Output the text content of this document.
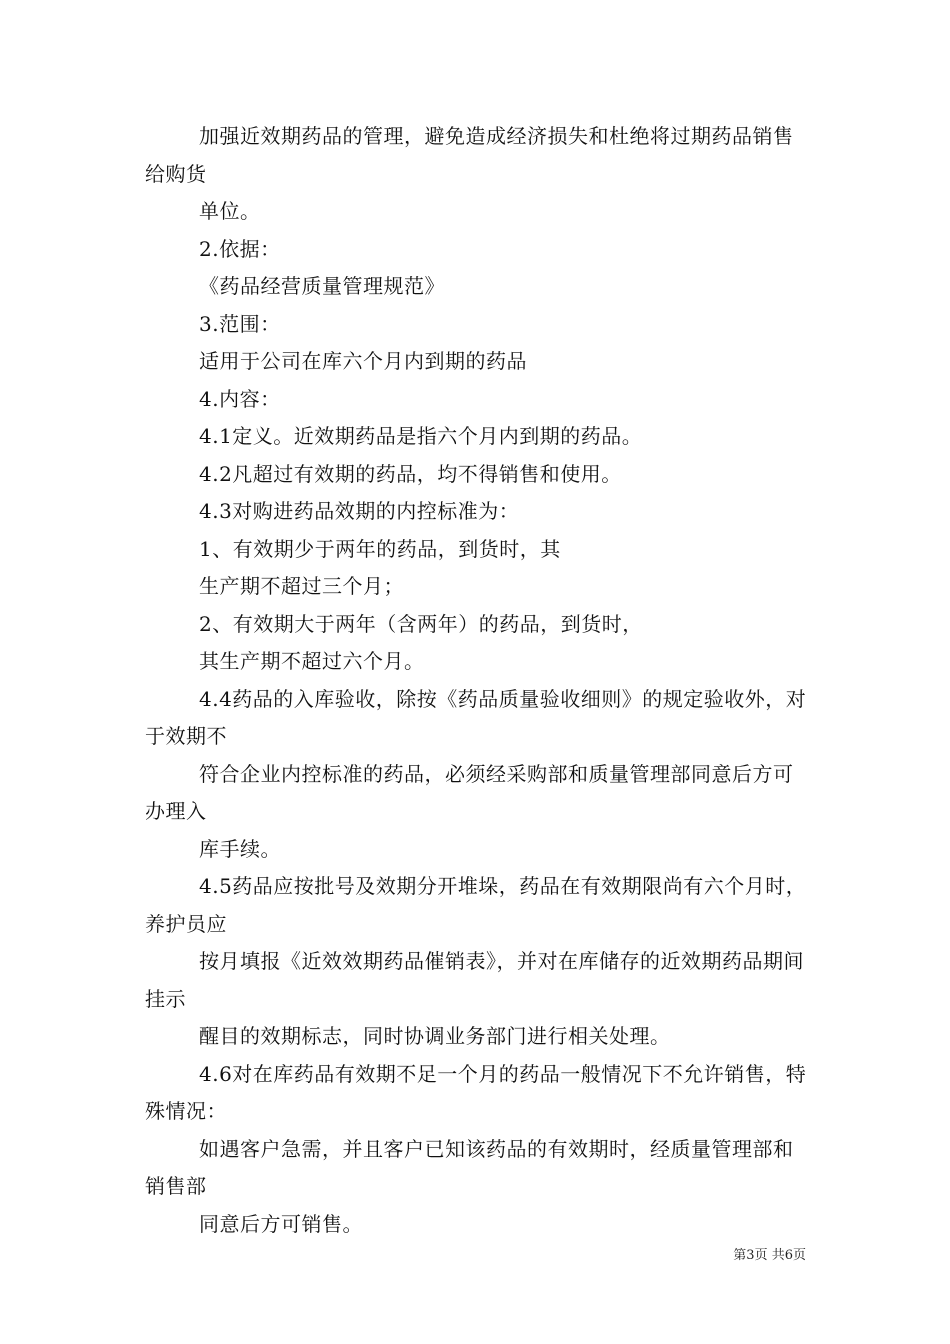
加强近效期药品的管理，避免造成经济损失和杜绝将过期药品销售给购货

单位。

2.依据：

《药品经营质量管理规范》

3.范围：

适用于公司在库六个月内到期的药品

4.内容：

4.1定义。近效期药品是指六个月内到期的药品。

4.2凡超过有效期的药品，均不得销售和使用。

4.3对购进药品效期的内控标准为：

1、有效期少于两年的药品，到货时，其

生产期不超过三个月；

2、有效期大于两年（含两年）的药品，到货时，

其生产期不超过六个月。

4.4药品的入库验收，除按《药品质量验收细则》的规定验收外，对于效期不

符合企业内控标准的药品，必须经采购部和质量管理部同意后方可办理入

库手续。

4.5药品应按批号及效期分开堆垛，药品在有效期限尚有六个月时，养护员应

按月填报《近效效期药品催销表》，并对在库储存的近效期药品期间挂示

醒目的效期标志，同时协调业务部门进行相关处理。

4.6对在库药品有效期不足一个月的药品一般情况下不允许销售，特殊情况：

如遇客户急需，并且客户已知该药品的有效期时，经质量管理部和销售部

同意后方可销售。

第3页 共6页
